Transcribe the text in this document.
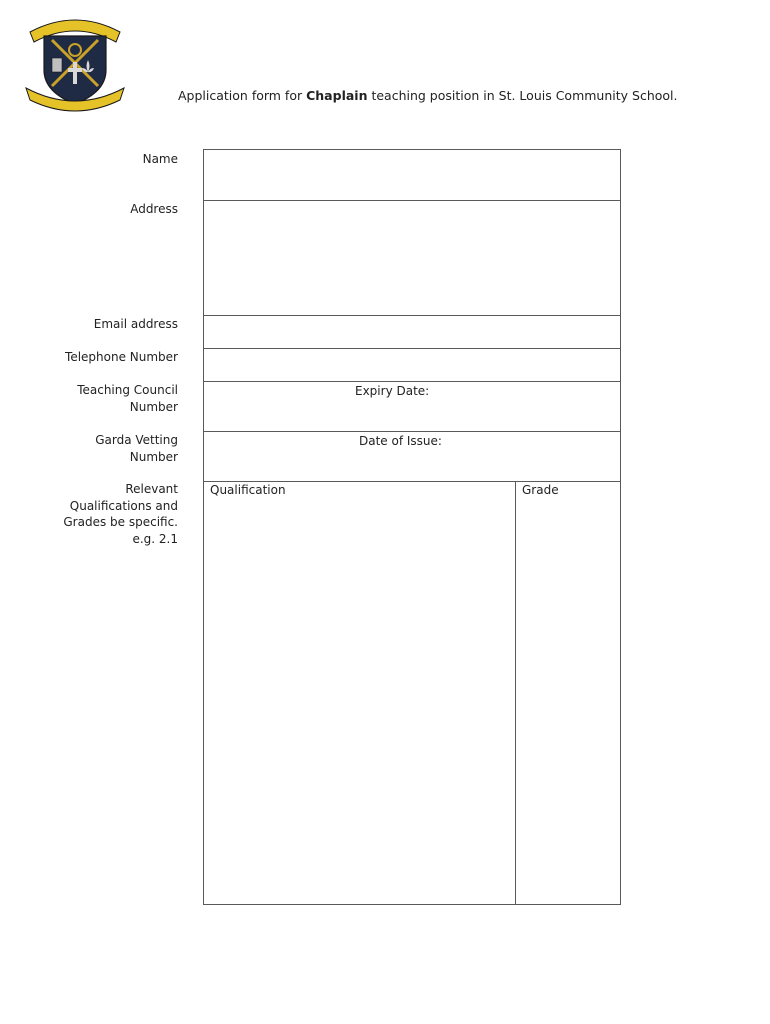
Application form for Chaplain teaching position in St. Louis Community School.
Name
Address
Email address
Telephone Number
Teaching Council
Number
Garda Vetting
Number
Relevant
Qualifications and
Grades be specific.
e.g. 2.1
Expiry Date:
Date of Issue:
Qualification	Grade
